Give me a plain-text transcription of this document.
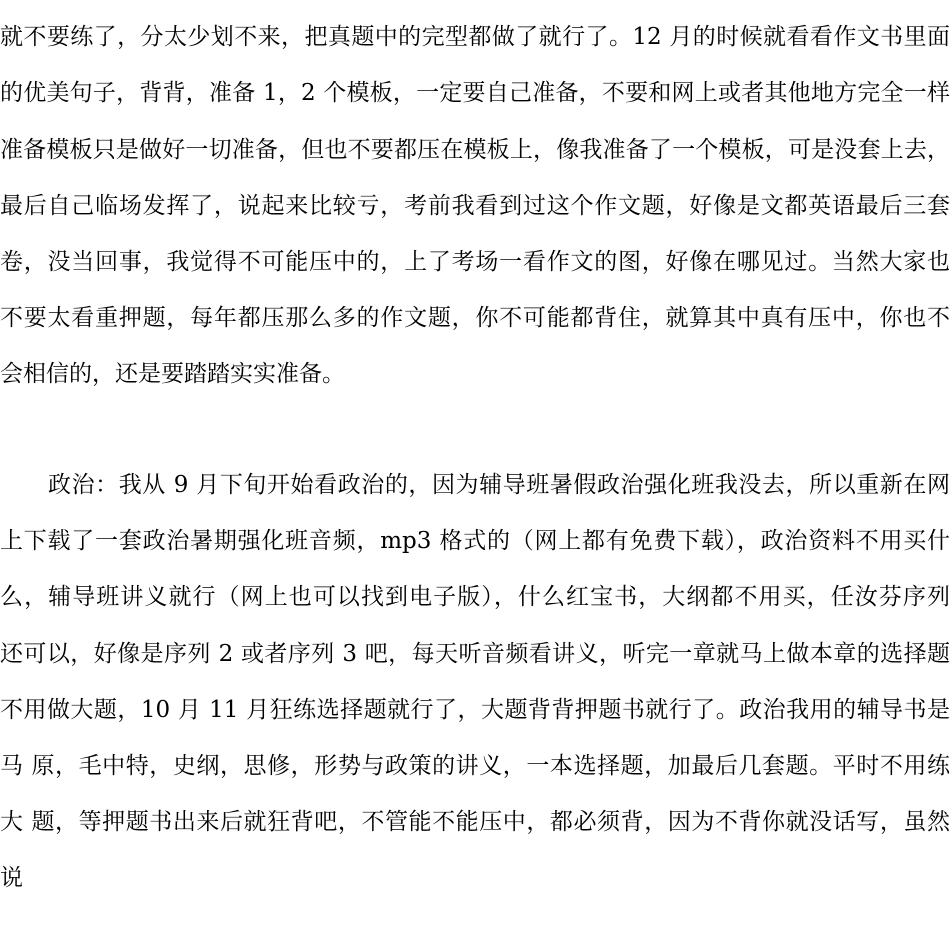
就不要练了，分太少划不来，把真题中的完型都做了就行了。12 月的时候就看看作文书里面
的优美句子，背背，准备 1，2 个模板，一定要自己准备，不要和网上或者其他地方完全一样
准备模板只是做好一切准备，但也不要都压在模板上，像我准备了一个模板，可是没套上去，
最后自己临场发挥了，说起来比较亏，考前我看到过这个作文题，好像是文都英语最后三套
卷，没当回事，我觉得不可能压中的，上了考场一看作文的图，好像在哪见过。当然大家也
不要太看重押题，每年都压那么多的作文题，你不可能都背住，就算其中真有压中，你也不
会相信的，还是要踏踏实实准备。
政治：我从 9 月下旬开始看政治的，因为辅导班暑假政治强化班我没去，所以重新在网
上下载了一套政治暑期强化班音频，mp3 格式的（网上都有免费下载），政治资料不用买什
么，辅导班讲义就行（网上也可以找到电子版），什么红宝书，大纲都不用买，任汝芬序列
还可以，好像是序列 2 或者序列 3 吧，每天听音频看讲义，听完一章就马上做本章的选择题
不用做大题，10 月 11 月狂练选择题就行了，大题背背押题书就行了。政治我用的辅导书是
马 原，毛中特，史纲，思修，形势与政策的讲义，一本选择题，加最后几套题。平时不用练
大 题，等押题书出来后就狂背吧，不管能不能压中，都必须背，因为不背你就没话写，虽然
说
